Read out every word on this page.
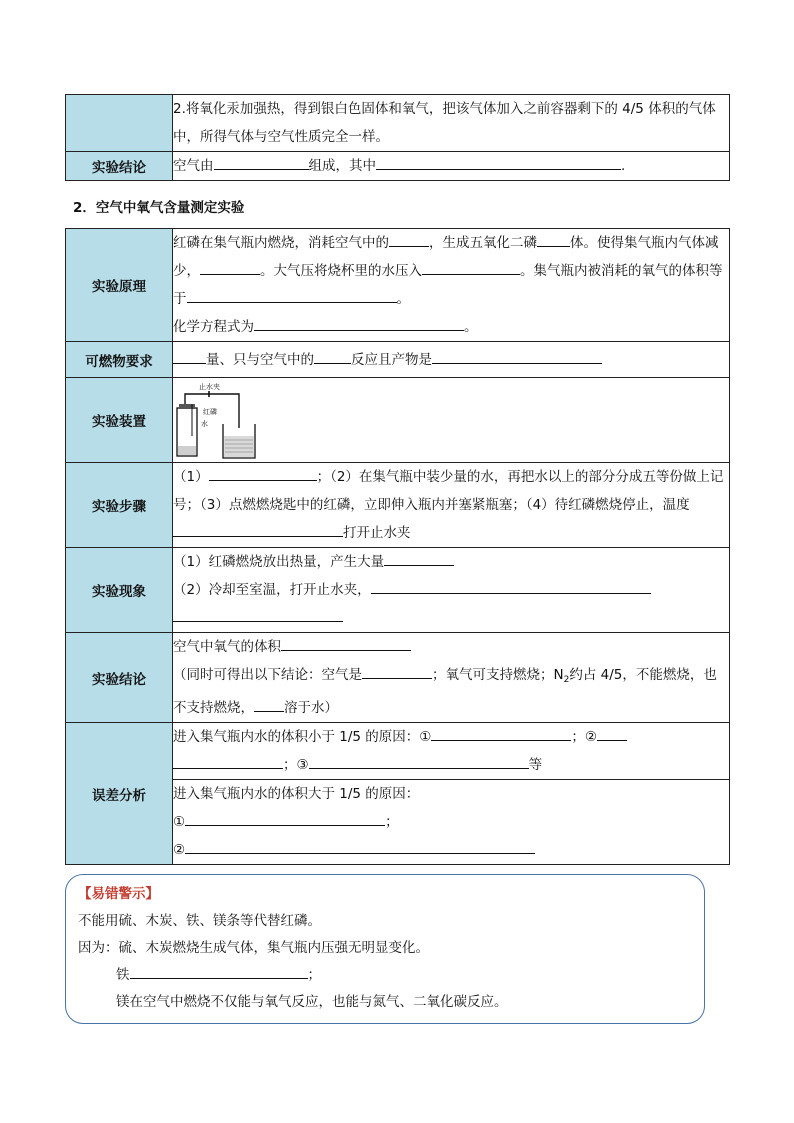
	2.将氧化汞加强热，得到银白色固体和氧气，把该气体加入之前容器剩下的 4/5 体积的气体中，所得气体与空气性质完全一样。
实验结论	空气由 组成，其中 .
2．空气中氧气含量测定实验
实验原理	红磷在集气瓶内燃烧，消耗空气中的 ，生成五氧化二磷 体。使得集气瓶内气体减少， 。大气压将烧杯里的水压入 。集气瓶内被消耗的氧气的体积等于 。
化学方程式为 。
可燃物要求	量、只与空气中的 反应且产物是
实验装置	止水夹
红磷
水

实验步骤	（1） ；（2）在集气瓶中装少量的水，再把水以上的部分分成五等份做上记号；（3）点燃燃烧匙中的红磷，立即伸入瓶内并塞紧瓶塞；（4）待红磷燃烧停止，温度打开止水夹
实验现象	（1）红磷燃烧放出热量，产生大量
（2）冷却至室温，打开止水夹，

实验结论	空气中氧气的体积
（同时可得出以下结论：空气是 ；氧气可支持燃烧；$N_2$约占 4/5，不能燃烧，也不支持燃烧， 溶于水）
误差分析	进入集气瓶内水的体积小于 1/5 的原因：① ；②
；③ 等
	进入集气瓶内水的体积大于 1/5 的原因：
① ；
②
【易错警示】
不能用硫、木炭、铁、镁条等代替红磷。
因为：硫、木炭燃烧生成气体，集气瓶内压强无明显变化。
铁	；
镁在空气中燃烧不仅能与氧气反应，也能与氮气、二氧化碳反应。
